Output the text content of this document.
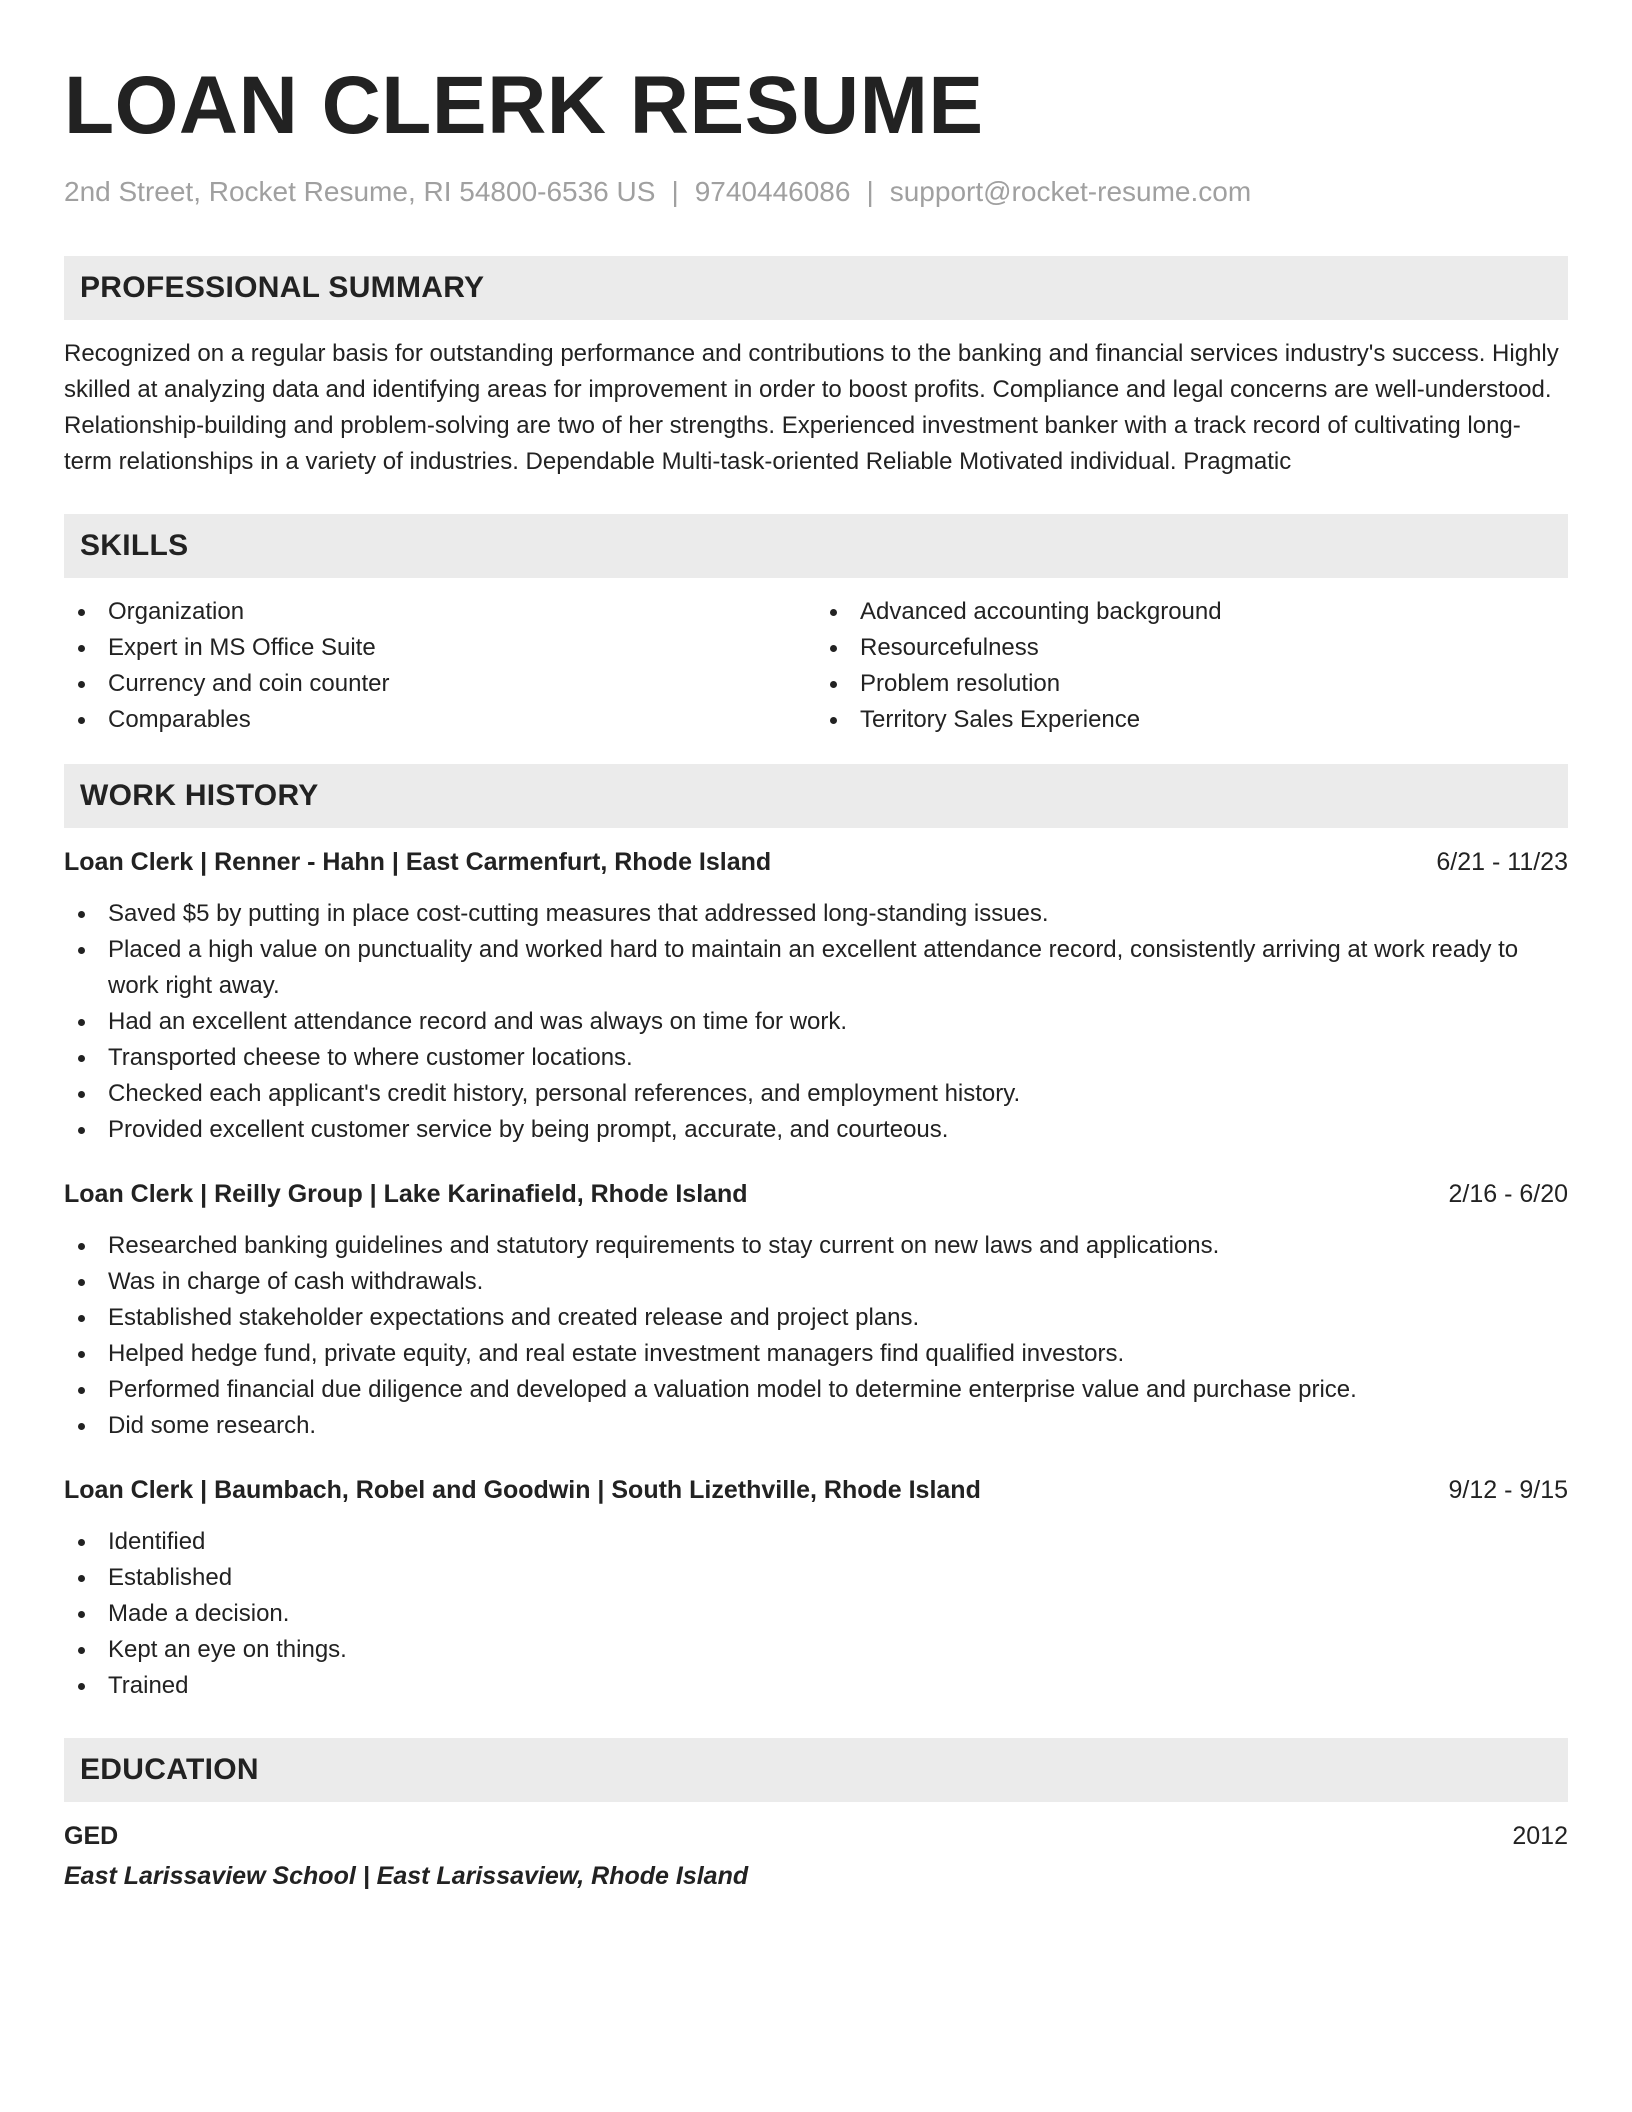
LOAN CLERK RESUME
2nd Street, Rocket Resume, RI 54800-6536 US | 9740446086 | support@rocket-resume.com
PROFESSIONAL SUMMARY

Recognized on a regular basis for outstanding performance and contributions to the banking and financial services industry's success. Highly skilled at analyzing data and identifying areas for improvement in order to boost profits. Compliance and legal concerns are well-understood. Relationship-building and problem-solving are two of her strengths. Experienced investment banker with a track record of cultivating long-term relationships in a variety of industries. Dependable Multi-task-oriented Reliable Motivated individual. Pragmatic

SKILLS
Organization
Expert in MS Office Suite
Currency and coin counter
Comparables
Advanced accounting background
Resourcefulness
Problem resolution
Territory Sales Experience
WORK HISTORY
Loan Clerk | Renner - Hahn | East Carmenfurt, Rhode Island	6/21 - 11/23
Saved $5 by putting in place cost-cutting measures that addressed long-standing issues.
Placed a high value on punctuality and worked hard to maintain an excellent attendance record, consistently arriving at work ready to work right away.
Had an excellent attendance record and was always on time for work.
Transported cheese to where customer locations.
Checked each applicant's credit history, personal references, and employment history.
Provided excellent customer service by being prompt, accurate, and courteous.
Loan Clerk | Reilly Group | Lake Karinafield, Rhode Island	2/16 - 6/20
Researched banking guidelines and statutory requirements to stay current on new laws and applications.
Was in charge of cash withdrawals.
Established stakeholder expectations and created release and project plans.
Helped hedge fund, private equity, and real estate investment managers find qualified investors.
Performed financial due diligence and developed a valuation model to determine enterprise value and purchase price.
Did some research.
Loan Clerk | Baumbach, Robel and Goodwin | South Lizethville, Rhode Island	9/12 - 9/15
Identified
Established
Made a decision.
Kept an eye on things.
Trained
EDUCATION
GED	2012
East Larissaview School | East Larissaview, Rhode Island
